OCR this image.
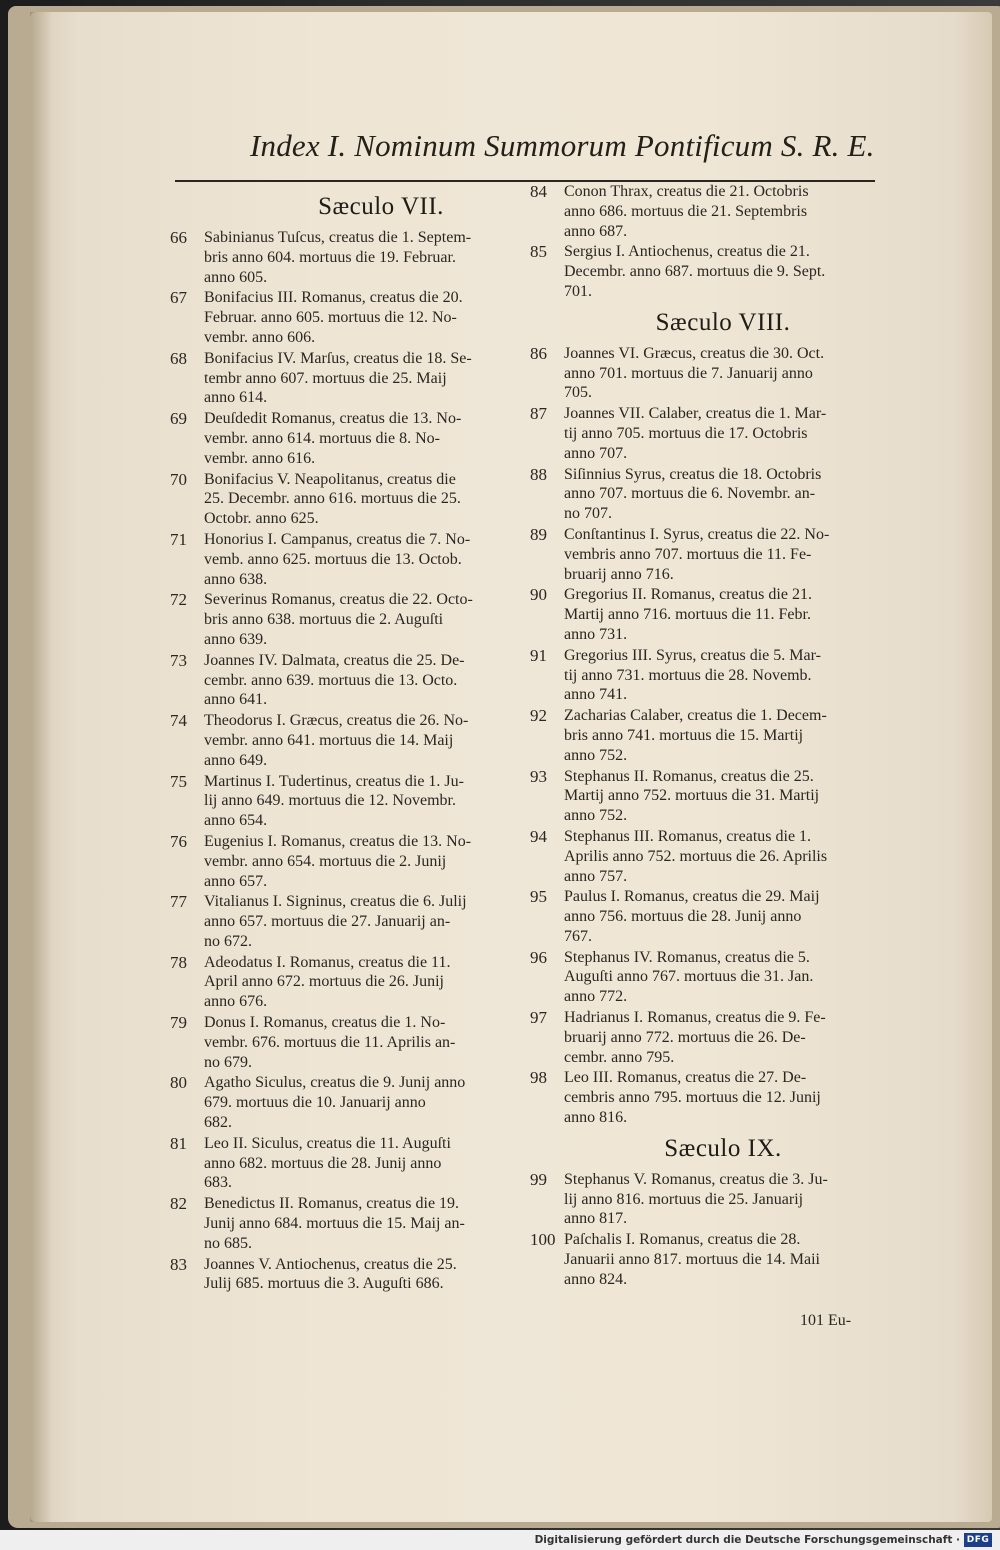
Index I. Nominum Summorum Pontificum S. R. E.
Sæculo VII.
66 Sabinianus Tuſcus, creatus die 1. Septem-
bris anno 604. mortuus die 19. Februar.
anno 605.
67 Bonifacius III. Romanus, creatus die 20.
Februar. anno 605. mortuus die 12. No-
vembr. anno 606.
68 Bonifacius IV. Marſus, creatus die 18. Se-
tembr anno 607. mortuus die 25. Maij
anno 614.
69 Deuſdedit Romanus, creatus die 13. No-
vembr. anno 614. mortuus die 8. No-
vembr. anno 616.
70 Bonifacius V. Neapolitanus, creatus die
25. Decembr. anno 616. mortuus die 25.
Octobr. anno 625.
71 Honorius I. Campanus, creatus die 7. No-
vemb. anno 625. mortuus die 13. Octob.
anno 638.
72 Severinus Romanus, creatus die 22. Octo-
bris anno 638. mortuus die 2. Auguſti
anno 639.
73 Joannes IV. Dalmata, creatus die 25. De-
cembr. anno 639. mortuus die 13. Octo.
anno 641.
74 Theodorus I. Græcus, creatus die 26. No-
vembr. anno 641. mortuus die 14. Maij
anno 649.
75 Martinus I. Tudertinus, creatus die 1. Ju-
lij anno 649. mortuus die 12. Novembr.
anno 654.
76 Eugenius I. Romanus, creatus die 13. No-
vembr. anno 654. mortuus die 2. Junij
anno 657.
77 Vitalianus I. Signinus, creatus die 6. Julij
anno 657. mortuus die 27. Januarij an-
no 672.
78 Adeodatus I. Romanus, creatus die 11.
April anno 672. mortuus die 26. Junij
anno 676.
79 Donus I. Romanus, creatus die 1. No-
vembr. 676. mortuus die 11. Aprilis an-
no 679.
80 Agatho Siculus, creatus die 9. Junij anno
679. mortuus die 10. Januarij anno
682.
81 Leo II. Siculus, creatus die 11. Auguſti
anno 682. mortuus die 28. Junij anno
683.
82 Benedictus II. Romanus, creatus die 19.
Junij anno 684. mortuus die 15. Maij an-
no 685.
83 Joannes V. Antiochenus, creatus die 25.
Julij 685. mortuus die 3. Auguſti 686.
84 Conon Thrax, creatus die 21. Octobris
anno 686. mortuus die 21. Septembris
anno 687.
85 Sergius I. Antiochenus, creatus die 21.
Decembr. anno 687. mortuus die 9. Sept.
701.
Sæculo VIII.
86 Joannes VI. Græcus, creatus die 30. Oct.
anno 701. mortuus die 7. Januarij anno
705.
87 Joannes VII. Calaber, creatus die 1. Mar-
tij anno 705. mortuus die 17. Octobris
anno 707.
88 Siſinnius Syrus, creatus die 18. Octobris
anno 707. mortuus die 6. Novembr. an-
no 707.
89 Conſtantinus I. Syrus, creatus die 22. No-
vembris anno 707. mortuus die 11. Fe-
bruarij anno 716.
90 Gregorius II. Romanus, creatus die 21.
Martij anno 716. mortuus die 11. Febr.
anno 731.
91 Gregorius III. Syrus, creatus die 5. Mar-
tij anno 731. mortuus die 28. Novemb.
anno 741.
92 Zacharias Calaber, creatus die 1. Decem-
bris anno 741. mortuus die 15. Martij
anno 752.
93 Stephanus II. Romanus, creatus die 25.
Martij anno 752. mortuus die 31. Martij
anno 752.
94 Stephanus III. Romanus, creatus die 1.
Aprilis anno 752. mortuus die 26. Aprilis
anno 757.
95 Paulus I. Romanus, creatus die 29. Maij
anno 756. mortuus die 28. Junij anno
767.
96 Stephanus IV. Romanus, creatus die 5.
Auguſti anno 767. mortuus die 31. Jan.
anno 772.
97 Hadrianus I. Romanus, creatus die 9. Fe-
bruarij anno 772. mortuus die 26. De-
cembr. anno 795.
98 Leo III. Romanus, creatus die 27. De-
cembris anno 795. mortuus die 12. Junij
anno 816.
Sæculo IX.
99 Stephanus V. Romanus, creatus die 3. Ju-
lij anno 816. mortuus die 25. Januarij
anno 817.
100 Paſchalis I. Romanus, creatus die 28.
Januarii anno 817. mortuus die 14. Maii
anno 824.
101 Eu-
Digitalisierung gefördert durch die Deutsche Forschungsgemeinschaft · DFG
